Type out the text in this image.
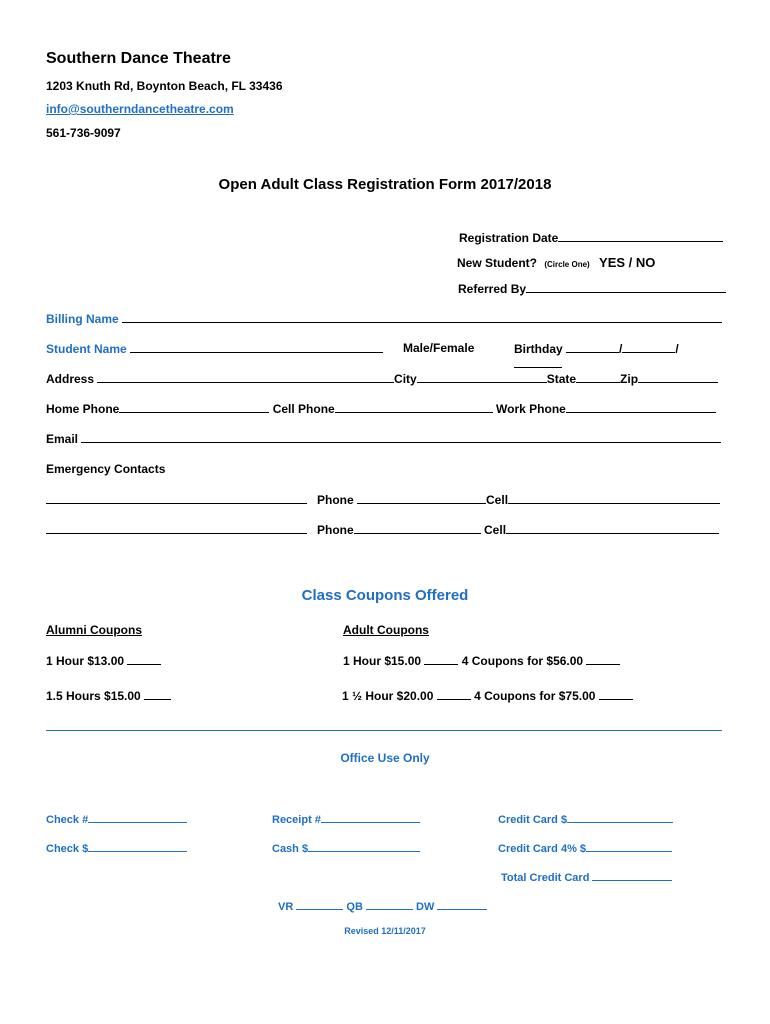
Southern Dance Theatre
1203 Knuth Rd, Boynton Beach, FL 33436
info@southerndancetheatre.com
561-736-9097
Open Adult Class Registration Form 2017/2018
Registration Date
New Student? (Circle One) YES / NO
Referred By
Billing Name
Student Name	Male/Female	Birthday	/	/
Address	City	State	Zip
Home Phone	Cell Phone	Work Phone
Email
Emergency Contacts
Phone	Cell
Phone	Cell
Class Coupons Offered
Alumni Coupons	Adult Coupons
1 Hour $13.00	1 Hour $15.00	4 Coupons for $56.00
1.5 Hours $15.00	1 ½ Hour $20.00	4 Coupons for $75.00
Office Use Only
Check #	Receipt #	Credit Card $
Check $	Cash $	Credit Card 4% $
Total Credit Card
VR	QB	DW
Revised 12/11/2017
